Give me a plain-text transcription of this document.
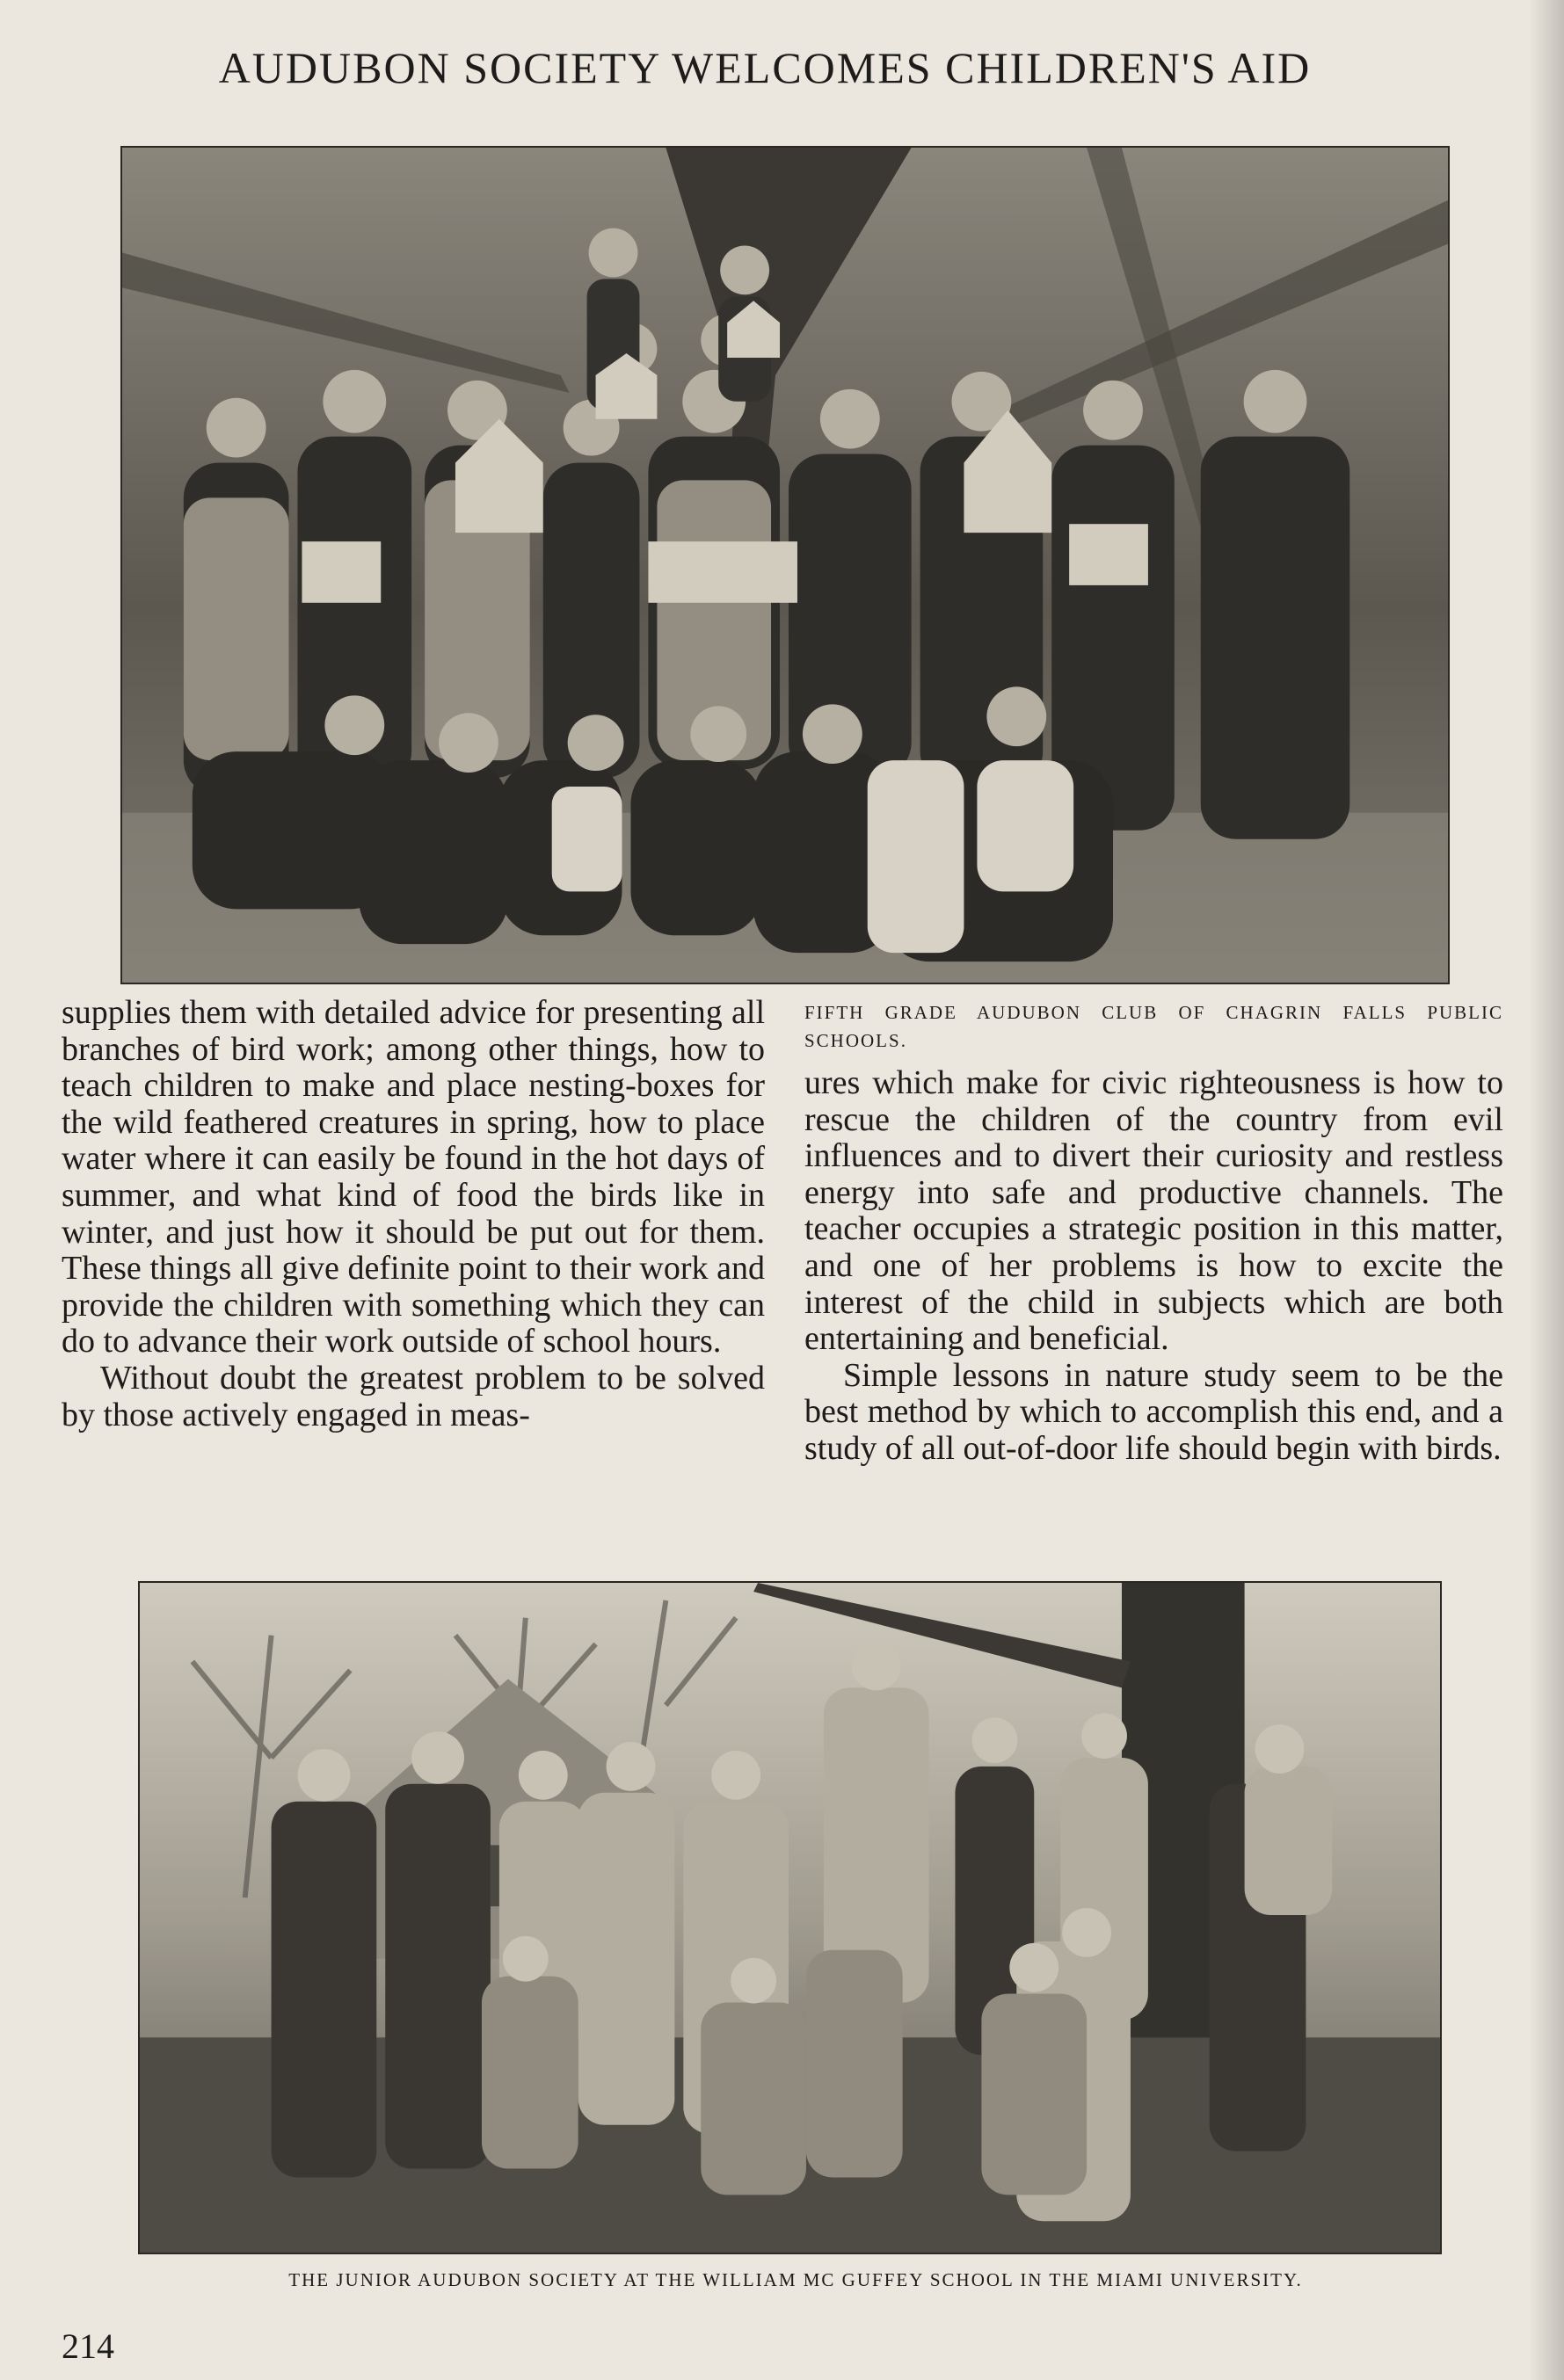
AUDUBON SOCIETY WELCOMES CHILDREN'S AID

supplies them with detailed advice for presenting all branches of bird work; among other things, how to teach children to make and place nesting-boxes for the wild feathered creatures in spring, how to place water where it can easily be found in the hot days of summer, and what kind of food the birds like in winter, and just how it should be put out for them. These things all give definite point to their work and provide the children with something which they can do to advance their work outside of school hours.

Without doubt the greatest problem to be solved by those actively engaged in meas-

FIFTH GRADE AUDUBON CLUB OF CHAGRIN FALLS PUBLIC SCHOOLS.

ures which make for civic righteousness is how to rescue the children of the country from evil influences and to divert their curiosity and restless energy into safe and productive channels. The teacher occupies a strategic position in this matter, and one of her problems is how to excite the interest of the child in subjects which are both entertaining and beneficial.

Simple lessons in nature study seem to be the best method by which to accomplish this end, and a study of all out-of-door life should begin with birds.

THE JUNIOR AUDUBON SOCIETY AT THE WILLIAM MC GUFFEY SCHOOL IN THE MIAMI UNIVERSITY.
214
